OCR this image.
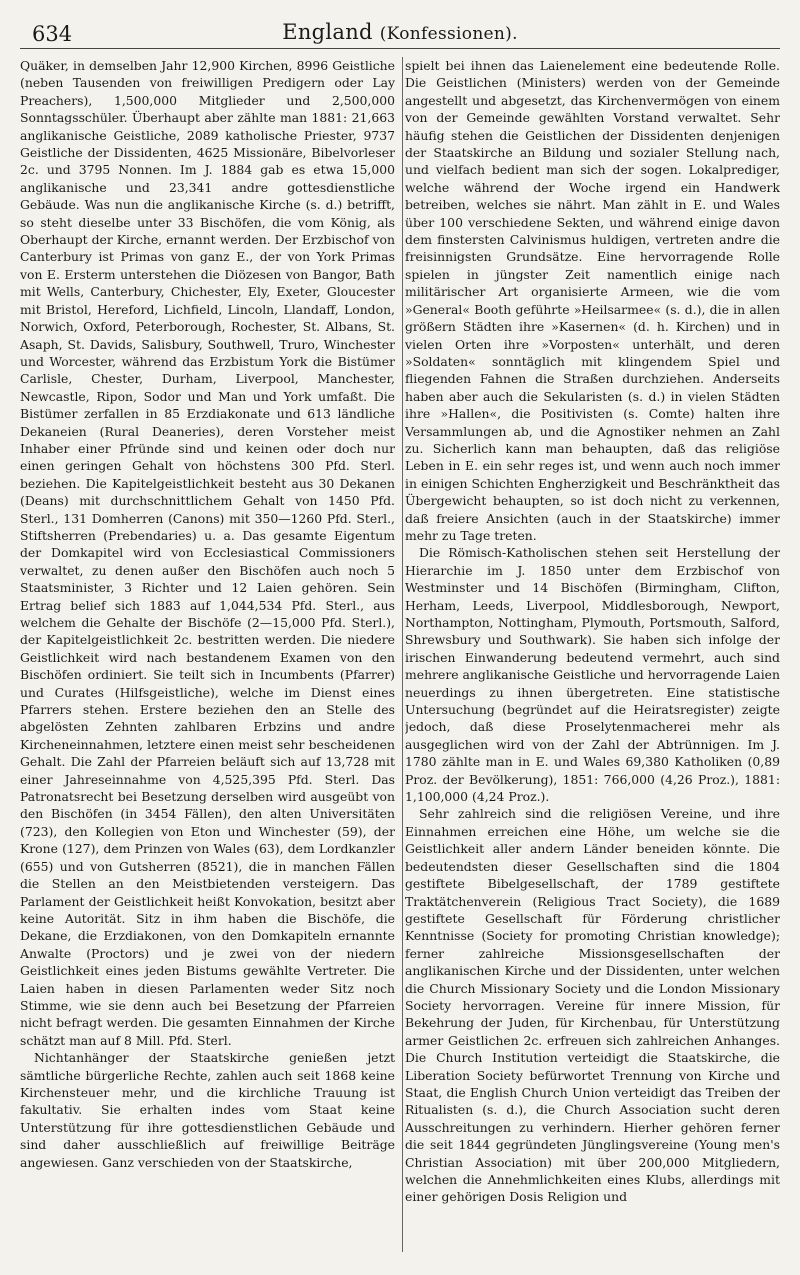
634	England (Konfessionen).

Quäker, in demselben Jahr 12,900 Kirchen, 8996 Geistliche (neben Tausenden von freiwilligen Predigern oder Lay Preachers), 1,500,000 Mitglieder und 2,500,000 Sonntagsschüler. Überhaupt aber zählte man 1881: 21,663 anglikanische Geistliche, 2089 katholische Priester, 9737 Geistliche der Dissidenten, 4625 Missionäre, Bibelvorleser 2c. und 3795 Nonnen. Im J. 1884 gab es etwa 15,000 anglikanische und 23,341 andre gottesdienstliche Gebäude. Was nun die anglikanische Kirche (s. d.) betrifft, so steht dieselbe unter 33 Bischöfen, die vom König, als Oberhaupt der Kirche, ernannt werden. Der Erzbischof von Canterbury ist Primas von ganz E., der von York Primas von E. Ersterm unterstehen die Diözesen von Bangor, Bath mit Wells, Canterbury, Chichester, Ely, Exeter, Gloucester mit Bristol, Hereford, Lichfield, Lincoln, Llandaff, London, Norwich, Oxford, Peterborough, Rochester, St. Albans, St. Asaph, St. Davids, Salisbury, Southwell, Truro, Winchester und Worcester, während das Erzbistum York die Bistümer Carlisle, Chester, Durham, Liverpool, Manchester, Newcastle, Ripon, Sodor und Man und York umfaßt. Die Bistümer zerfallen in 85 Erzdiakonate und 613 ländliche Dekaneien (Rural Deaneries), deren Vorsteher meist Inhaber einer Pfründe sind und keinen oder doch nur einen geringen Gehalt von höchstens 300 Pfd. Sterl. beziehen. Die Kapitelgeistlichkeit besteht aus 30 Dekanen (Deans) mit durchschnittlichem Gehalt von 1450 Pfd. Sterl., 131 Domherren (Canons) mit 350—1260 Pfd. Sterl., Stiftsherren (Prebendaries) u. a. Das gesamte Eigentum der Domkapitel wird von Ecclesiastical Commissioners verwaltet, zu denen außer den Bischöfen auch noch 5 Staatsminister, 3 Richter und 12 Laien gehören. Sein Ertrag belief sich 1883 auf 1,044,534 Pfd. Sterl., aus welchem die Gehalte der Bischöfe (2—15,000 Pfd. Sterl.), der Kapitelgeistlichkeit 2c. bestritten werden. Die niedere Geistlichkeit wird nach bestandenem Examen von den Bischöfen ordiniert. Sie teilt sich in Incumbents (Pfarrer) und Curates (Hilfsgeistliche), welche im Dienst eines Pfarrers stehen. Erstere beziehen den an Stelle des abgelösten Zehnten zahlbaren Erbzins und andre Kircheneinnahmen, letztere einen meist sehr bescheidenen Gehalt. Die Zahl der Pfarreien beläuft sich auf 13,728 mit einer Jahreseinnahme von 4,525,395 Pfd. Sterl. Das Patronatsrecht bei Besetzung derselben wird ausgeübt von den Bischöfen (in 3454 Fällen), den alten Universitäten (723), den Kollegien von Eton und Winchester (59), der Krone (127), dem Prinzen von Wales (63), dem Lordkanzler (655) und von Gutsherren (8521), die in manchen Fällen die Stellen an den Meistbietenden versteigern. Das Parlament der Geistlichkeit heißt Konvokation, besitzt aber keine Autorität. Sitz in ihm haben die Bischöfe, die Dekane, die Erzdiakonen, von den Domkapiteln ernannte Anwalte (Proctors) und je zwei von der niedern Geistlichkeit eines jeden Bistums gewählte Vertreter. Die Laien haben in diesen Parlamenten weder Sitz noch Stimme, wie sie denn auch bei Besetzung der Pfarreien nicht befragt werden. Die gesamten Einnahmen der Kirche schätzt man auf 8 Mill. Pfd. Sterl.

Nichtanhänger der Staatskirche genießen jetzt sämtliche bürgerliche Rechte, zahlen auch seit 1868 keine Kirchensteuer mehr, und die kirchliche Trauung ist fakultativ. Sie erhalten indes vom Staat keine Unterstützung für ihre gottesdienstlichen Gebäude und sind daher ausschließlich auf freiwillige Beiträge angewiesen. Ganz verschieden von der Staatskirche,

spielt bei ihnen das Laienelement eine bedeutende Rolle. Die Geistlichen (Ministers) werden von der Gemeinde angestellt und abgesetzt, das Kirchenvermögen von einem von der Gemeinde gewählten Vorstand verwaltet. Sehr häufig stehen die Geistlichen der Dissidenten denjenigen der Staatskirche an Bildung und sozialer Stellung nach, und vielfach bedient man sich der sogen. Lokalprediger, welche während der Woche irgend ein Handwerk betreiben, welches sie nährt. Man zählt in E. und Wales über 100 verschiedene Sekten, und während einige davon dem finstersten Calvinismus huldigen, vertreten andre die freisinnigsten Grundsätze. Eine hervorragende Rolle spielen in jüngster Zeit namentlich einige nach militärischer Art organisierte Armeen, wie die vom »General« Booth geführte »Heilsarmee« (s. d.), die in allen größern Städten ihre »Kasernen« (d. h. Kirchen) und in vielen Orten ihre »Vorposten« unterhält, und deren »Soldaten« sonntäglich mit klingendem Spiel und fliegenden Fahnen die Straßen durchziehen. Anderseits haben aber auch die Sekularisten (s. d.) in vielen Städten ihre »Hallen«, die Positivisten (s. Comte) halten ihre Versammlungen ab, und die Agnostiker nehmen an Zahl zu. Sicherlich kann man behaupten, daß das religiöse Leben in E. ein sehr reges ist, und wenn auch noch immer in einigen Schichten Engherzigkeit und Beschränktheit das Übergewicht behaupten, so ist doch nicht zu verkennen, daß freiere Ansichten (auch in der Staatskirche) immer mehr zu Tage treten.

Die Römisch-Katholischen stehen seit Herstellung der Hierarchie im J. 1850 unter dem Erzbischof von Westminster und 14 Bischöfen (Birmingham, Clifton, Herham, Leeds, Liverpool, Middlesborough, Newport, Northampton, Nottingham, Plymouth, Portsmouth, Salford, Shrewsbury und Southwark). Sie haben sich infolge der irischen Einwanderung bedeutend vermehrt, auch sind mehrere anglikanische Geistliche und hervorragende Laien neuerdings zu ihnen übergetreten. Eine statistische Untersuchung (begründet auf die Heiratsregister) zeigte jedoch, daß diese Proselytenmacherei mehr als ausgeglichen wird von der Zahl der Abtrünnigen. Im J. 1780 zählte man in E. und Wales 69,380 Katholiken (0,89 Proz. der Bevölkerung), 1851: 766,000 (4,26 Proz.), 1881: 1,100,000 (4,24 Proz.).

Sehr zahlreich sind die religiösen Vereine, und ihre Einnahmen erreichen eine Höhe, um welche sie die Geistlichkeit aller andern Länder beneiden könnte. Die bedeutendsten dieser Gesellschaften sind die 1804 gestiftete Bibelgesellschaft, der 1789 gestiftete Traktätchenverein (Religious Tract Society), die 1689 gestiftete Gesellschaft für Förderung christlicher Kenntnisse (Society for promoting Christian knowledge); ferner zahlreiche Missionsgesellschaften der anglikanischen Kirche und der Dissidenten, unter welchen die Church Missionary Society und die London Missionary Society hervorragen. Vereine für innere Mission, für Bekehrung der Juden, für Kirchenbau, für Unterstützung armer Geistlichen 2c. erfreuen sich zahlreichen Anhanges. Die Church Institution verteidigt die Staatskirche, die Liberation Society befürwortet Trennung von Kirche und Staat, die English Church Union verteidigt das Treiben der Ritualisten (s. d.), die Church Association sucht deren Ausschreitungen zu verhindern. Hierher gehören ferner die seit 1844 gegründeten Jünglingsvereine (Young men's Christian Association) mit über 200,000 Mitgliedern, welchen die Annehmlichkeiten eines Klubs, allerdings mit einer gehörigen Dosis Religion und
